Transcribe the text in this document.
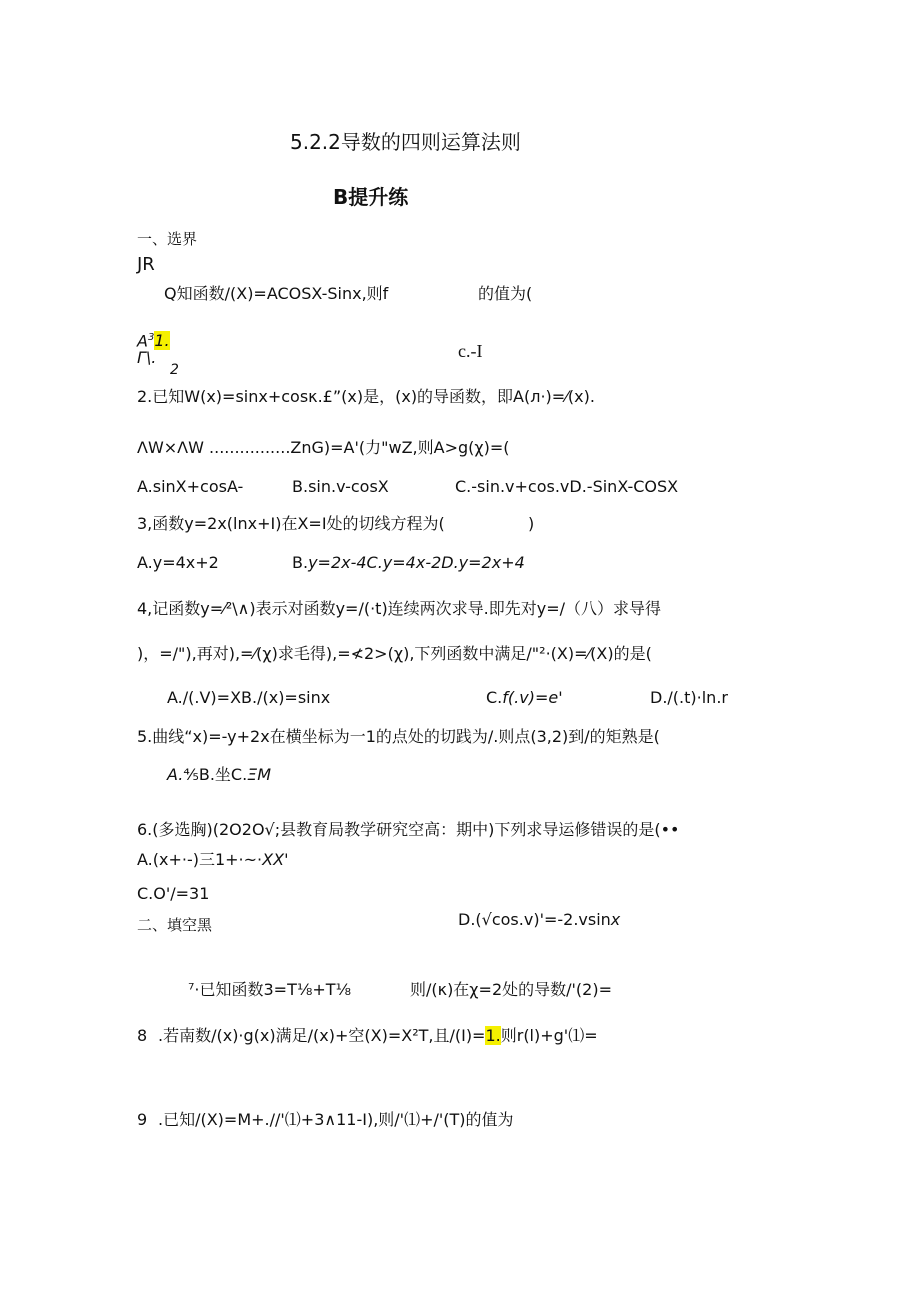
5.2.2导数的四则运算法则
B提升练
一、选界
JR
Q知函数/(X)=ACOSX-Sinx,则f	的值为(
$A^31$.
Γ\.
2
c.-I
2.已知W(x)=sinx+cosκ.£”(x)是，(x)的导函数，即A(л·)=⁄(x).
ΛW×ΛW ................ZnG)=A'(力"wZ,则A>g(χ)=(
A.sinX+cosA-	B.sin.v-cosX	C.-sin.v+cos.vD.-SinX-COSX
3,函数y=2x(lnx+I)在X=I处的切线方程为(	)
A.y=4x+2	B.y=2x-4C.y=4x-2D.y=2x+4
4,记函数y=⁄²\∧)表示对函数y=/(·t)连续两次求导.即先对y=/（八）求导得
)，=/"),再对),=⁄(χ)求毛得),=≮2>(χ),下列函数中满足/"²·(X)=⁄(X)的是(
A./(.V)=XB./(x)=sinx	C.f(.v)=e'	D./(.t)·ln.r
5.曲线“x)=-y+2x在横坐标为一1的点处的切践为/.则点(3,2)到/的矩熟是(
A.⅘B.坐C.ΞM
6.(多选胸)(2O2O√;县教育局教学研究空高：期中)下列求导运修错误的是(••
A.(x+·-)三1+·~·XX'
C.O'/=31
D.(√cos.v)'=-2.vsinx
二、填空黑
⁷·已知函数3=T⅛+T⅛	则/(κ)在χ=2处的导数/'(2)=
8 .若南数/(x)·g(x)满足/(x)+空(X)=X²T,且/(I)=1.则r(l)+g'⑴=
9 .已知/(X)=M+.//'⑴+3∧11-I),则/'⑴+/'(T)的值为
